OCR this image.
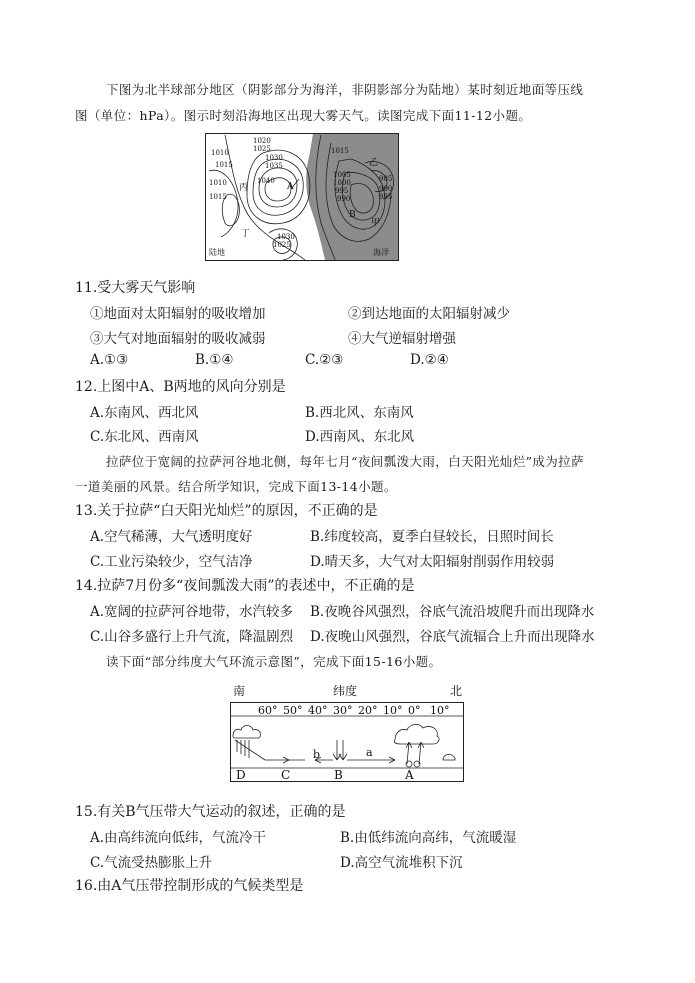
下图为北半球部分地区（阴影部分为海洋，非阴影部分为陆地）某时刻近地面等压线
图（单位：hPa）。图示时刻沿海地区出现大雾天气。读图完成下面11-12小题。
1020
1025
1030
1035
1040
1010
1015
1010
1015
1005
1000
995
990
985
990
995
1025
1030
1015
A
B
甲
乙
丙
丁
陆地	海洋
11.受大雾天气影响
①地面对太阳辐射的吸收增加	②到达地面的太阳辐射减少
③大气对地面辐射的吸收减弱	④大气逆辐射增强
A.①③	B.①④	C.②③	D.②④
12.上图中A、B两地的风向分别是
A.东南风、西北风	B.西北风、东南风
C.东北风、西南风	D.西南风、东北风
拉萨位于宽阔的拉萨河谷地北侧，每年七月“夜间瓢泼大雨，白天阳光灿烂”成为拉萨
一道美丽的风景。结合所学知识，完成下面13-14小题。
13.关于拉萨“白天阳光灿烂”的原因，不正确的是
A.空气稀薄，大气透明度好	B.纬度较高，夏季白昼较长，日照时间长
C.工业污染较少，空气洁净	D.晴天多，大气对太阳辐射削弱作用较弱
14.拉萨7月份多“夜间瓢泼大雨”的表述中，不正确的是
A.宽阔的拉萨河谷地带，水汽较多 B.夜晚谷风强烈，谷底气流沿坡爬升而出现降水
C.山谷多盛行上升气流，降温剧烈 D.夜晚山风强烈，谷底气流辐合上升而出现降水
读下面“部分纬度大气环流示意图”，完成下面15-16小题。
南	纬度	北
60° 50° 40° 30° 20° 10° 0° 10°
b	a
D	C	B	A
15.有关B气压带大气运动的叙述，正确的是
A.由高纬流向低纬，气流冷干	B.由低纬流向高纬，气流暖湿
C.气流受热膨胀上升	D.高空气流堆积下沉
16.由A气压带控制形成的气候类型是
